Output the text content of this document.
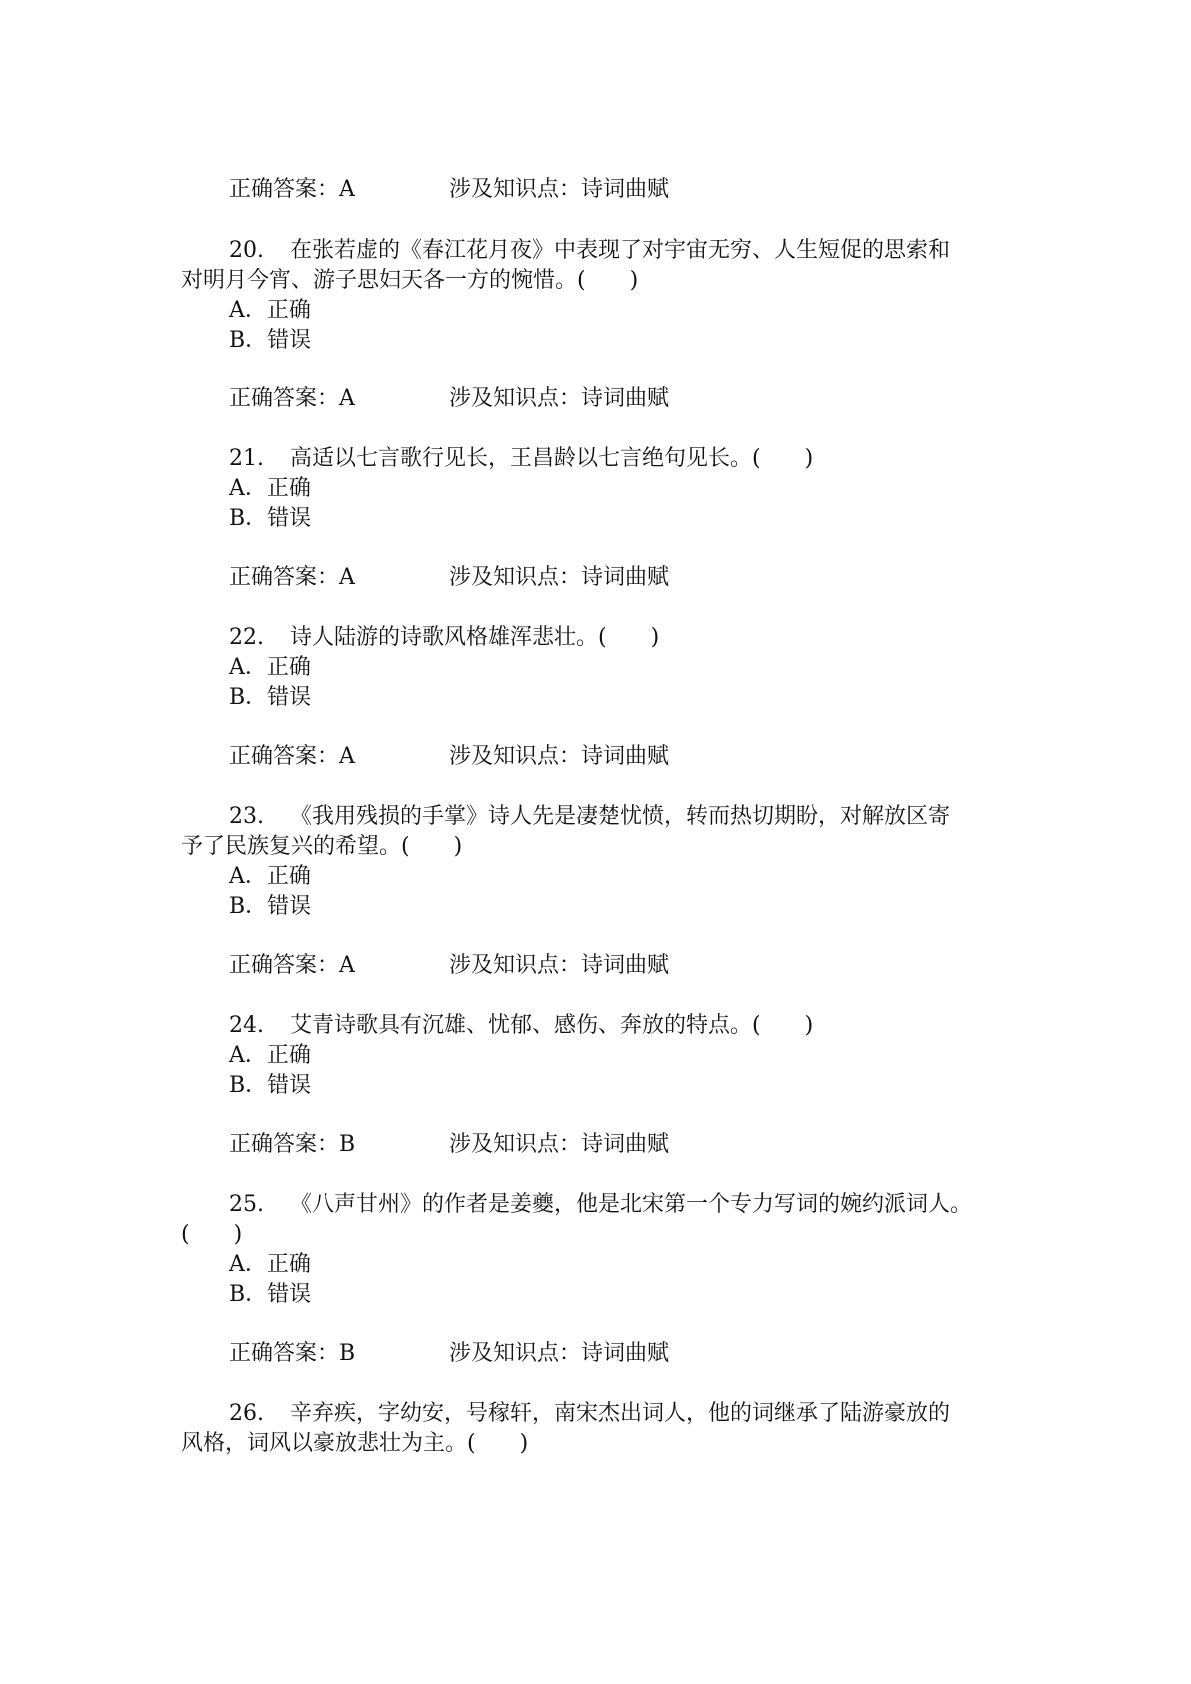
正确答案：A	涉及知识点：诗词曲赋
20. 在张若虚的《春江花月夜》中表现了对宇宙无穷、人生短促的思索和
对明月今宵、游子思妇天各一方的惋惜。(　　)
A．正确
B．错误
正确答案：A	涉及知识点：诗词曲赋
21. 高适以七言歌行见长，王昌龄以七言绝句见长。(　　)
A．正确
B．错误
正确答案：A	涉及知识点：诗词曲赋
22. 诗人陆游的诗歌风格雄浑悲壮。(　　)
A．正确
B．错误
正确答案：A	涉及知识点：诗词曲赋
23. 《我用残损的手掌》诗人先是凄楚忧愤，转而热切期盼，对解放区寄
予了民族复兴的希望。(　　)
A．正确
B．错误
正确答案：A	涉及知识点：诗词曲赋
24. 艾青诗歌具有沉雄、忧郁、感伤、奔放的特点。(　　)
A．正确
B．错误
正确答案：B	涉及知识点：诗词曲赋
25. 《八声甘州》的作者是姜夔，他是北宋第一个专力写词的婉约派词人。
(　　)
A．正确
B．错误
正确答案：B	涉及知识点：诗词曲赋
26. 辛弃疾，字幼安，号稼轩，南宋杰出词人，他的词继承了陆游豪放的
风格，词风以豪放悲壮为主。(　　)
